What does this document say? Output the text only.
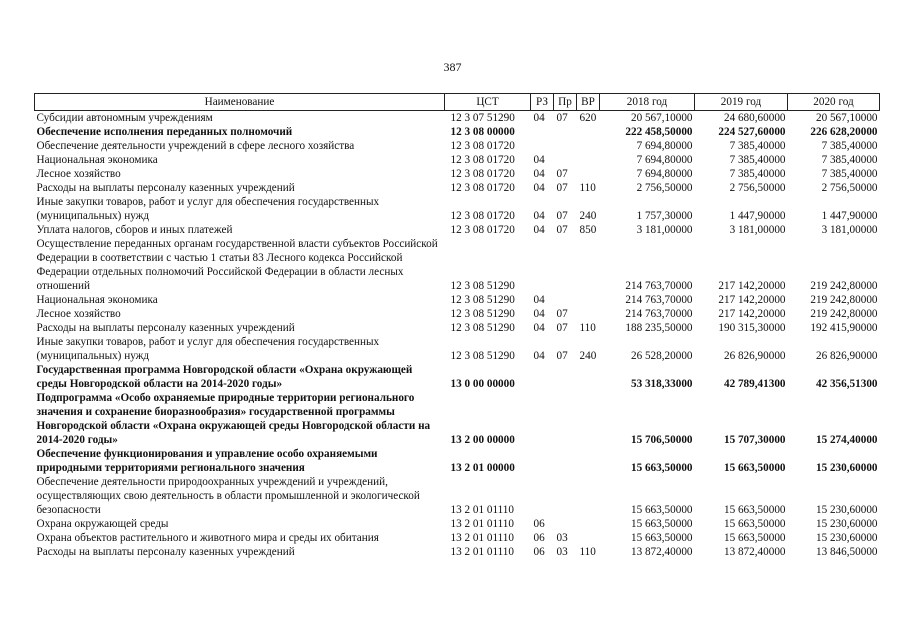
387
Наименование	ЦСТ	РЗ	Пр	ВР	2018 год	2019 год	2020 год
Субсидии автономным учреждениям	12 3 07 51290	04	07	620	20 567,10000	24 680,60000	20 567,10000
Обеспечение исполнения переданных полномочий	12 3 08 00000				222 458,50000	224 527,60000	226 628,20000
Обеспечение деятельности учреждений в сфере лесного хозяйства	12 3 08 01720				7 694,80000	7 385,40000	7 385,40000
Национальная экономика	12 3 08 01720	04			7 694,80000	7 385,40000	7 385,40000
Лесное хозяйство	12 3 08 01720	04	07		7 694,80000	7 385,40000	7 385,40000
Расходы на выплаты персоналу казенных учреждений	12 3 08 01720	04	07	110	2 756,50000	2 756,50000	2 756,50000
Иные закупки товаров, работ и услуг для обеспечения государственных (муниципальных) нужд	12 3 08 01720	04	07	240	1 757,30000	1 447,90000	1 447,90000
Уплата налогов, сборов и иных платежей	12 3 08 01720	04	07	850	3 181,00000	3 181,00000	3 181,00000
Осуществление переданных органам государственной власти субъектов Российской Федерации в соответствии с частью 1 статьи 83 Лесного кодекса Российской Федерации отдельных полномочий Российской Федерации в области лесных отношений	12 3 08 51290				214 763,70000	217 142,20000	219 242,80000
Национальная экономика	12 3 08 51290	04			214 763,70000	217 142,20000	219 242,80000
Лесное хозяйство	12 3 08 51290	04	07		214 763,70000	217 142,20000	219 242,80000
Расходы на выплаты персоналу казенных учреждений	12 3 08 51290	04	07	110	188 235,50000	190 315,30000	192 415,90000
Иные закупки товаров, работ и услуг для обеспечения государственных (муниципальных) нужд	12 3 08 51290	04	07	240	26 528,20000	26 826,90000	26 826,90000
Государственная программа Новгородской области «Охрана окружающей среды Новгородской области на 2014-2020 годы»	13 0 00 00000				53 318,33000	42 789,41300	42 356,51300
Подпрограмма «Особо охраняемые природные территории регионального значения и сохранение биоразнообразия» государственной программы Новгородской области «Охрана окружающей среды Новгородской области на 2014-2020 годы»	13 2 00 00000				15 706,50000	15 707,30000	15 274,40000
Обеспечение функционирования и управление особо охраняемыми природными территориями регионального значения	13 2 01 00000				15 663,50000	15 663,50000	15 230,60000
Обеспечение деятельности природоохранных учреждений и учреждений, осуществляющих свою деятельность в области промышленной и экологической безопасности	13 2 01 01110				15 663,50000	15 663,50000	15 230,60000
Охрана окружающей среды	13 2 01 01110	06			15 663,50000	15 663,50000	15 230,60000
Охрана объектов растительного и животного мира и среды их обитания	13 2 01 01110	06	03		15 663,50000	15 663,50000	15 230,60000
Расходы на выплаты персоналу казенных учреждений	13 2 01 01110	06	03	110	13 872,40000	13 872,40000	13 846,50000
